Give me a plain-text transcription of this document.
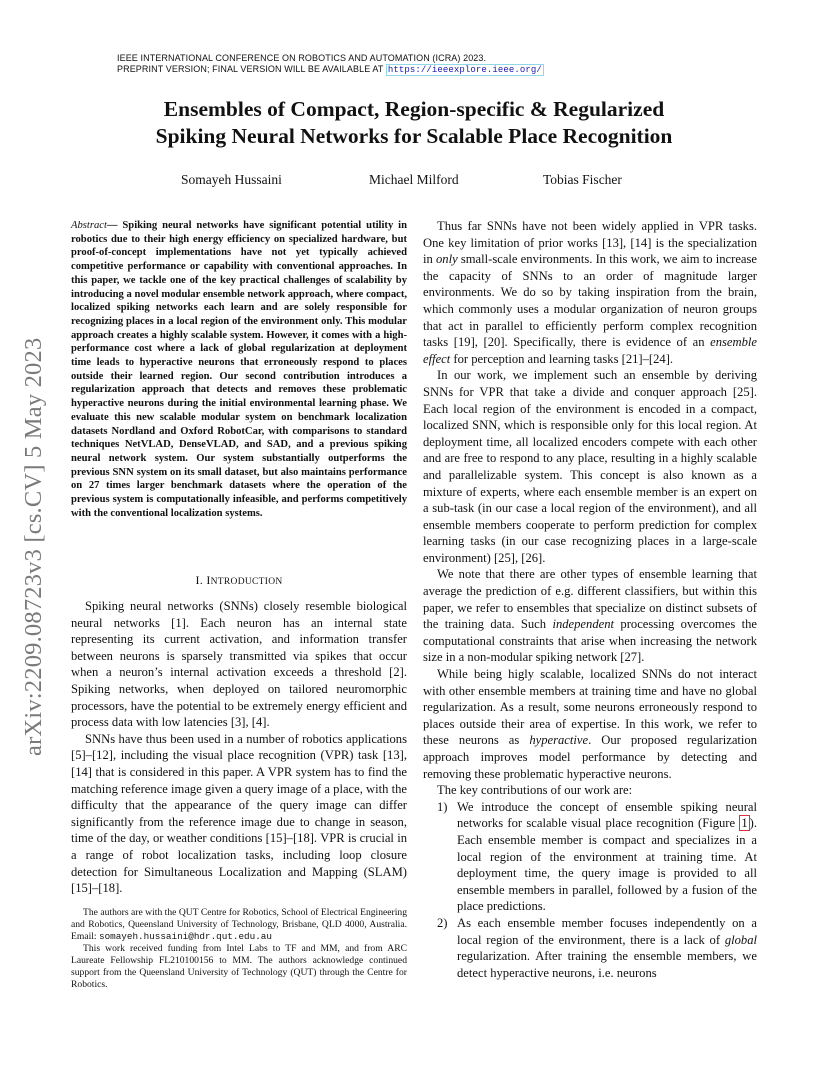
IEEE INTERNATIONAL CONFERENCE ON ROBOTICS AND AUTOMATION (ICRA) 2023.
PREPRINT VERSION; FINAL VERSION WILL BE AVAILABLE AT https://ieeexplore.ieee.org/
Ensembles of Compact, Region-specific & Regularized
Spiking Neural Networks for Scalable Place Recognition
Somayeh Hussaini	Michael Milford	Tobias Fischer
arXiv:2209.08723v3 [cs.CV] 5 May 2023
Abstract— Spiking neural networks have significant potential utility in robotics due to their high energy efficiency on specialized hardware, but proof-of-concept implementations have not yet typically achieved competitive performance or capability with conventional approaches. In this paper, we tackle one of the key practical challenges of scalability by introducing a novel modular ensemble network approach, where compact, localized spiking networks each learn and are solely responsible for recognizing places in a local region of the environment only. This modular approach creates a highly scalable system. However, it comes with a high-performance cost where a lack of global regularization at deployment time leads to hyperactive neurons that erroneously respond to places outside their learned region. Our second contribution introduces a regularization approach that detects and removes these problematic hyperactive neurons during the initial environmental learning phase. We evaluate this new scalable modular system on benchmark localization datasets Nordland and Oxford RobotCar, with comparisons to standard techniques NetVLAD, DenseVLAD, and SAD, and a previous spiking neural network system. Our system substantially outperforms the previous SNN system on its small dataset, but also maintains performance on 27 times larger benchmark datasets where the operation of the previous system is computationally infeasible, and performs competitively with the conventional localization systems.
I. INTRODUCTION

Spiking neural networks (SNNs) closely resemble biological neural networks [1]. Each neuron has an internal state representing its current activation, and information transfer between neurons is sparsely transmitted via spikes that occur when a neuron’s internal activation exceeds a threshold [2]. Spiking networks, when deployed on tailored neuromorphic processors, have the potential to be extremely energy efficient and process data with low latencies [3], [4].

SNNs have thus been used in a number of robotics applications [5]–[12], including the visual place recognition (VPR) task [13], [14] that is considered in this paper. A VPR system has to find the matching reference image given a query image of a place, with the difficulty that the appearance of the query image can differ significantly from the reference image due to change in season, time of the day, or weather conditions [15]–[18]. VPR is crucial in a range of robot localization tasks, including loop closure detection for Simultaneous Localization and Mapping (SLAM) [15]–[18].

The authors are with the QUT Centre for Robotics, School of Electrical Engineering and Robotics, Queensland University of Technology, Brisbane, QLD 4000, Australia. Email: somayeh.hussaini@hdr.qut.edu.au

This work received funding from Intel Labs to TF and MM, and from ARC Laureate Fellowship FL210100156 to MM. The authors acknowledge continued support from the Queensland University of Technology (QUT) through the Centre for Robotics.

Thus far SNNs have not been widely applied in VPR tasks. One key limitation of prior works [13], [14] is the specialization in only small-scale environments. In this work, we aim to increase the capacity of SNNs to an order of magnitude larger environments. We do so by taking inspiration from the brain, which commonly uses a modular organization of neuron groups that act in parallel to efficiently perform complex recognition tasks [19], [20]. Specifically, there is evidence of an ensemble effect for perception and learning tasks [21]–[24].

In our work, we implement such an ensemble by deriving SNNs for VPR that take a divide and conquer approach [25]. Each local region of the environment is encoded in a compact, localized SNN, which is responsible only for this local region. At deployment time, all localized encoders compete with each other and are free to respond to any place, resulting in a highly scalable and parallelizable system. This concept is also known as a mixture of experts, where each ensemble member is an expert on a sub-task (in our case a local region of the environment), and all ensemble members cooperate to perform prediction for complex learning tasks (in our case recognizing places in a large-scale environment) [25], [26].

We note that there are other types of ensemble learning that average the prediction of e.g. different classifiers, but within this paper, we refer to ensembles that specialize on distinct subsets of the training data. Such independent processing overcomes the computational constraints that arise when increasing the network size in a non-modular spiking network [27].

While being higly scalable, localized SNNs do not interact with other ensemble members at training time and have no global regularization. As a result, some neurons erroneously respond to places outside their area of expertise. In this work, we refer to these neurons as hyperactive. Our proposed regularization approach improves model performance by detecting and removing these problematic hyperactive neurons.

The key contributions of our work are:

1) We introduce the concept of ensemble spiking neural networks for scalable visual place recognition (Figure 1 ). Each ensemble member is compact and specializes in a local region of the environment at training time. At deployment time, the query image is provided to all ensemble members in parallel, followed by a fusion of the place predictions.
2) As each ensemble member focuses independently on a local region of the environment, there is a lack of global regularization. After training the ensemble members, we detect hyperactive neurons, i.e. neurons
